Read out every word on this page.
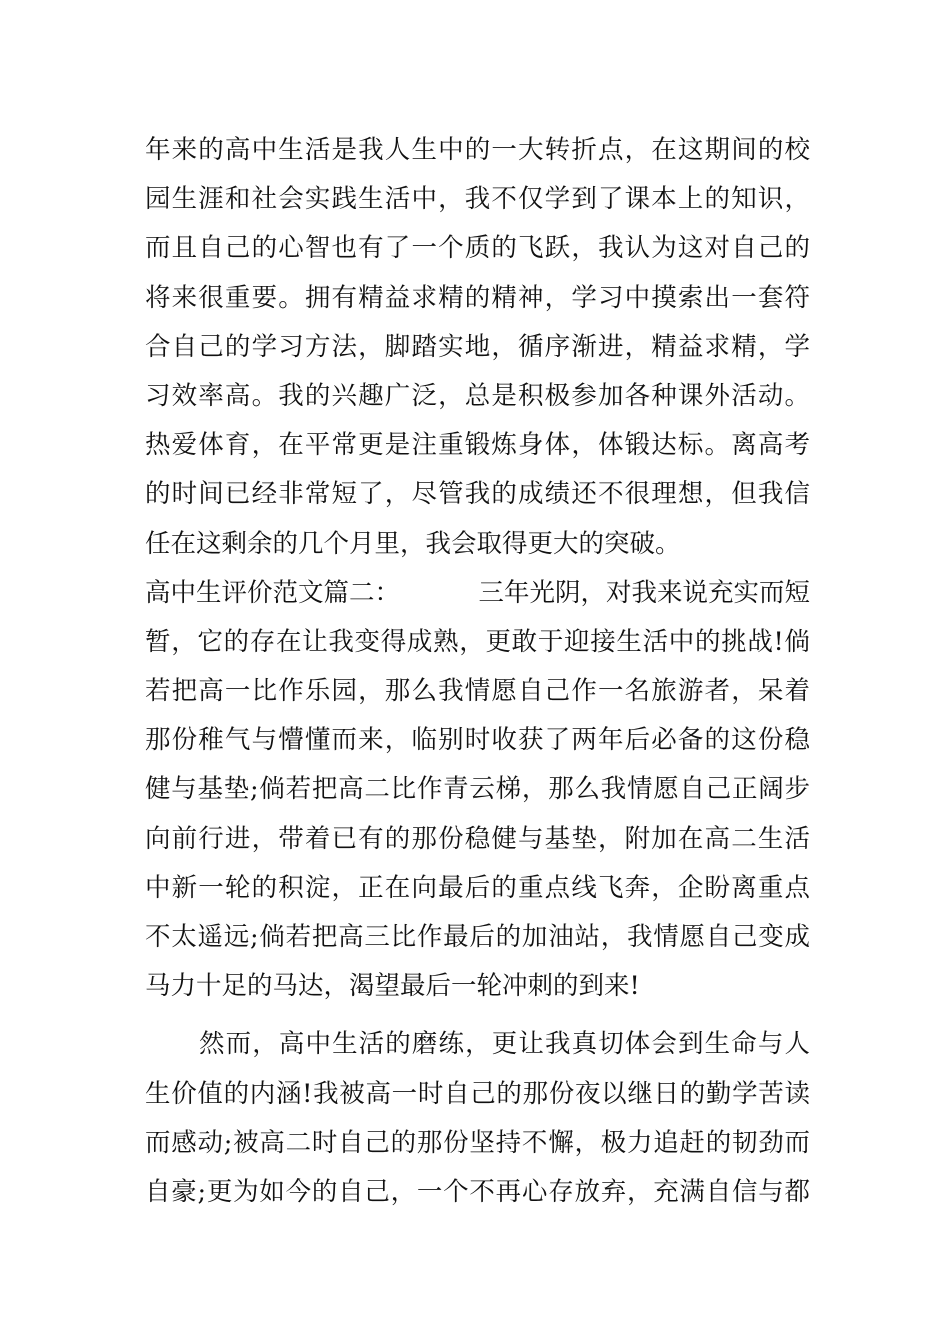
年来的高中生活是我人生中的一大转折点，在这期间的校
园生涯和社会实践生活中，我不仅学到了课本上的知识，
而且自己的心智也有了一个质的飞跃，我认为这对自己的
将来很重要。拥有精益求精的精神，学习中摸索出一套符
合自己的学习方法，脚踏实地，循序渐进，精益求精，学
习效率高。我的兴趣广泛，总是积极参加各种课外活动。
热爱体育，在平常更是注重锻炼身体，体锻达标。离高考
的时间已经非常短了，尽管我的成绩还不很理想，但我信
任在这剩余的几个月里，我会取得更大的突破。
高中生评价范文篇二：	三年光阴，对我来说充实而短
暂，它的存在让我变得成熟，更敢于迎接生活中的挑战!倘
若把高一比作乐园，那么我情愿自己作一名旅游者，呆着
那份稚气与懵懂而来，临别时收获了两年后必备的这份稳
健与基垫;倘若把高二比作青云梯，那么我情愿自己正阔步
向前行进，带着已有的那份稳健与基垫，附加在高二生活
中新一轮的积淀，正在向最后的重点线飞奔，企盼离重点
不太遥远;倘若把高三比作最后的加油站，我情愿自己变成
马力十足的马达，渴望最后一轮冲刺的到来!
然而，高中生活的磨练，更让我真切体会到生命与人
生价值的内涵!我被高一时自己的那份夜以继日的勤学苦读
而感动;被高二时自己的那份坚持不懈，极力追赶的韧劲而
自豪;更为如今的自己，一个不再心存放弃，充满自信与都
